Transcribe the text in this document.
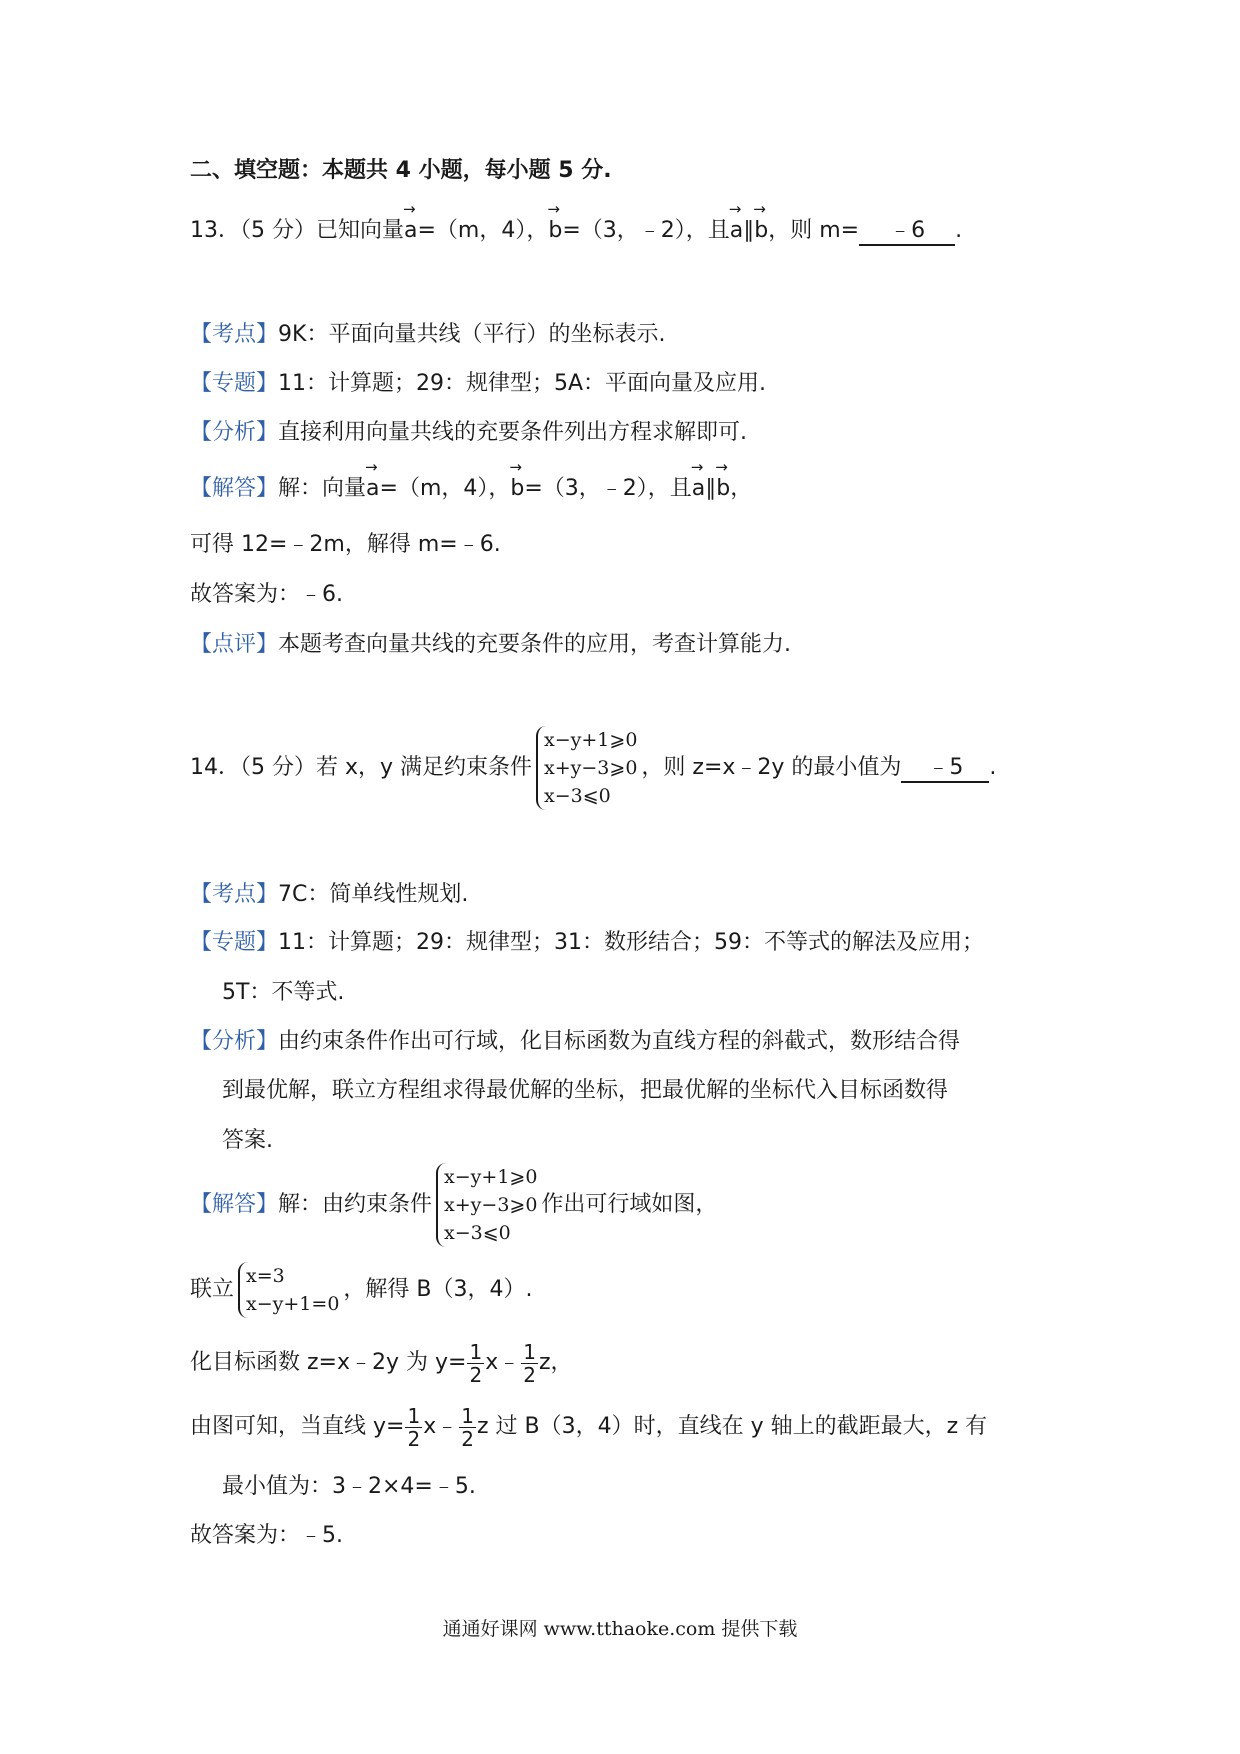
二、填空题：本题共 4 小题，每小题 5 分.
13．（5 分）已知向量→ a=（m，4），→ b=（3，﹣2），且→ a∥→ b，则 m= ﹣6 .
【考点】9K：平面向量共线（平行）的坐标表示.
【专题】11：计算题；29：规律型；5A：平面向量及应用.
【分析】直接利用向量共线的充要条件列出方程求解即可.
【解答】解：向量→ a=（m，4），→ b=（3，﹣2），且→ a∥→ b，
可得 12=﹣2m，解得 m=﹣6.
故答案为：﹣6.
【点评】本题考查向量共线的充要条件的应用，考查计算能力.
14．（5 分）若 x，y 满足约束条件
x−y+1⩾0
x+y−3⩾0
x−3⩽0
，则 z=x﹣2y 的最小值为 ﹣5 .
【考点】7C：简单线性规划.
【专题】11：计算题；29：规律型；31：数形结合；59：不等式的解法及应用；
5T：不等式.
【分析】由约束条件作出可行域，化目标函数为直线方程的斜截式，数形结合得
到最优解，联立方程组求得最优解的坐标，把最优解的坐标代入目标函数得
答案.
【解答】解：由约束条件
x−y+1⩾0
x+y−3⩾0
x−3⩽0
作出可行域如图，
联立
x=3
x−y+1=0
，解得 B（3，4）.
化目标函数 z=x﹣2y 为 $y= \frac{1}{2}$ x﹣ $\frac{1}{2}$ z，
由图可知，当直线 $y= \frac{1}{2}$ x﹣ $\frac{1}{2}$ z 过 B（3，4）时，直线在 y 轴上的截距最大，z 有
最小值为：3﹣2×4=﹣5.
故答案为：﹣5.
通通好课网 www.tthaoke.com 提供下载
